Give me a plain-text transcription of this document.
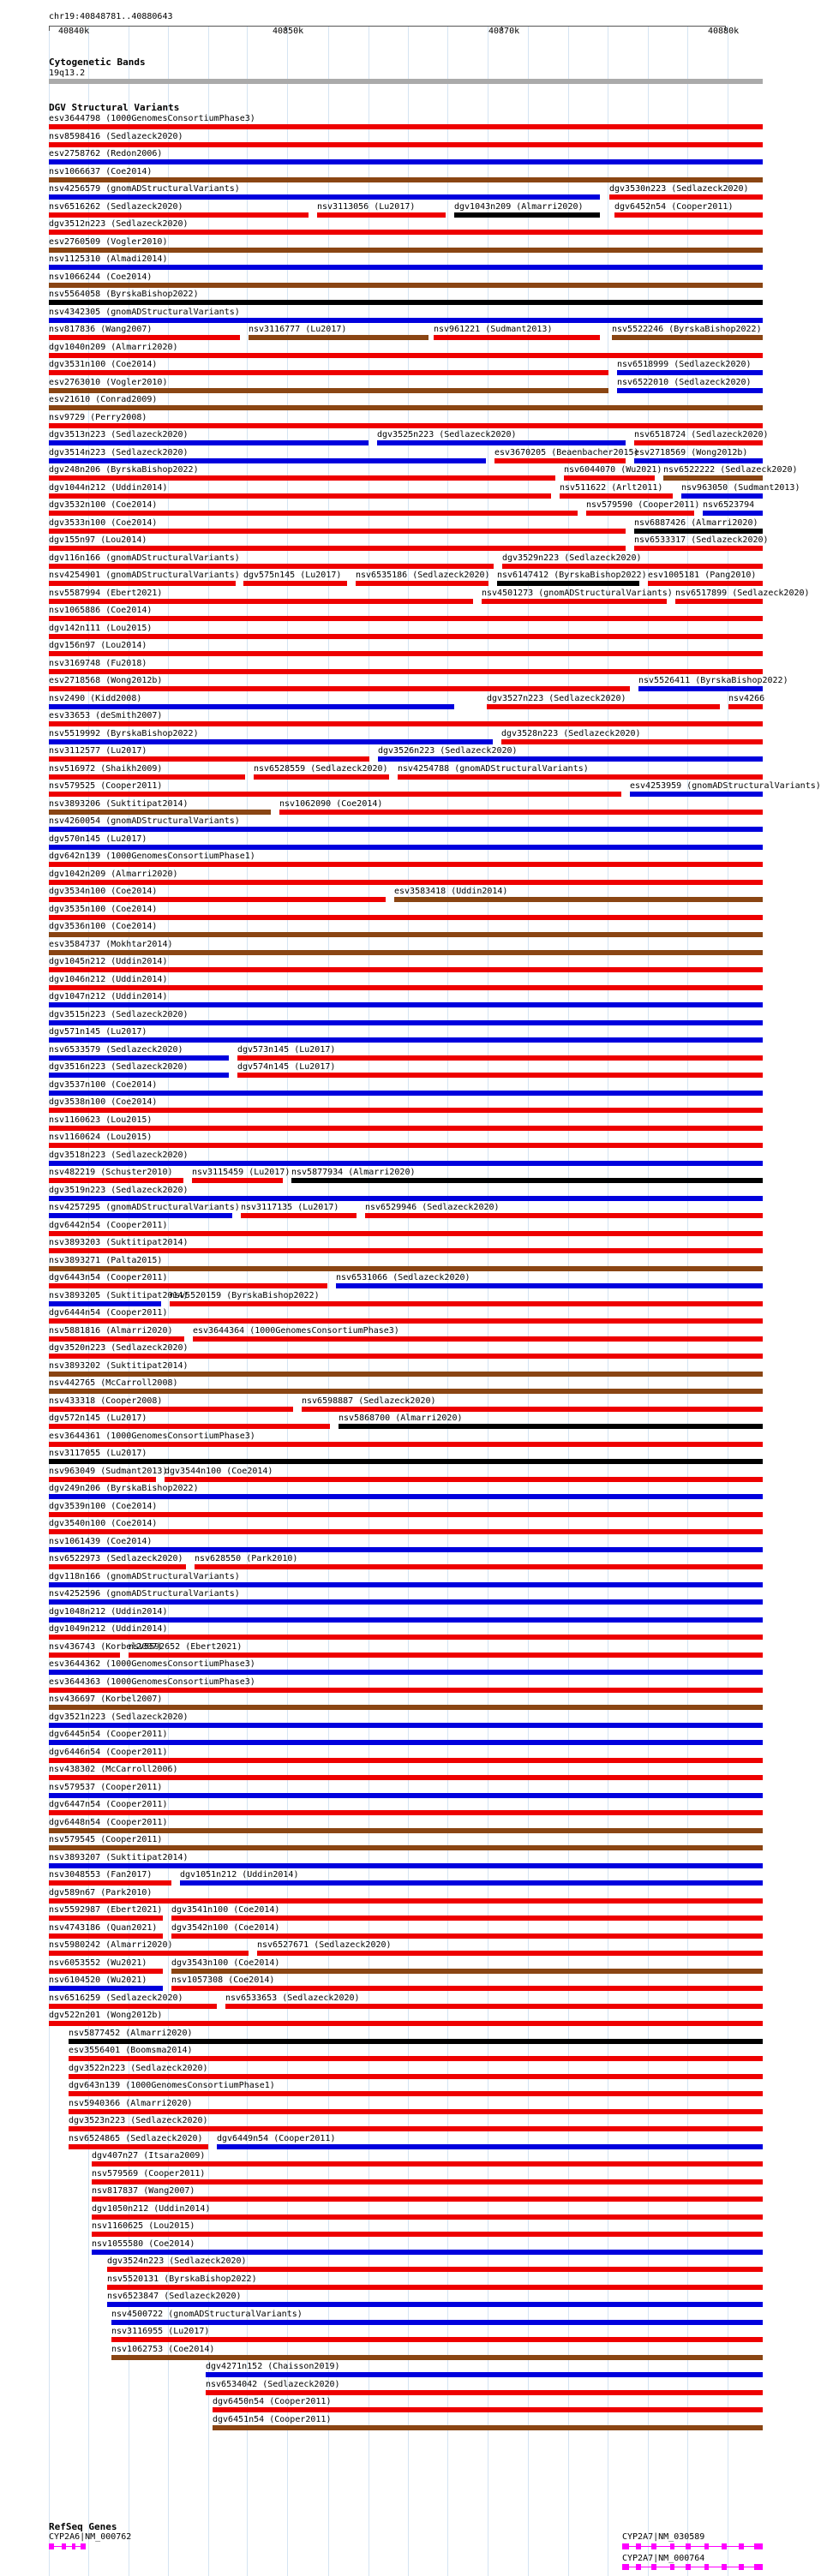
chr19:40848781..40880643
40840k	40850k	40870k	40880k
Cytogenetic Bands
19q13.2
DGV Structural Variants
esv3644798 (1000GenomesConsortiumPhase3)
nsv8598416 (Sedlazeck2020)
esv2758762 (Redon2006)
nsv1066637 (Coe2014)
nsv4256579 (gnomADStructuralVariants)	dgv3530n223 (Sedlazeck2020)
nsv6516262 (Sedlazeck2020)	nsv3113056 (Lu2017)	dgv1043n209 (Almarri2020)	dgv6452n54 (Cooper2011)
dgv3512n223 (Sedlazeck2020)
esv2760509 (Vogler2010)
nsv1125310 (Almadi2014)
nsv1066244 (Coe2014)
nsv5564058 (ByrskaBishop2022)
nsv4342305 (gnomADStructuralVariants)
nsv817836 (Wang2007)	nsv3116777 (Lu2017)	nsv961221 (Sudmant2013)	nsv5522246 (ByrskaBishop2022)
dgv1040n209 (Almarri2020)
dgv3531n100 (Coe2014)	nsv6518999 (Sedlazeck2020)
esv2763010 (Vogler2010)	nsv6522010 (Sedlazeck2020)
esv21610 (Conrad2009)
nsv9729 (Perry2008)
dgv3513n223 (Sedlazeck2020)	dgv3525n223 (Sedlazeck2020)	nsv6518724 (Sedlazeck2020)
dgv3514n223 (Sedlazeck2020)	esv3670205 (Beaenbacher2015)
esv2718569 (Wong2012b)
dgv248n206 (ByrskaBishop2022)	nsv6044070 (Wu2021) nsv6522222 (Sedlazeck2020)
dgv1044n212 (Uddin2014)	nsv511622 (Arlt2011) nsv963050 (Sudmant2013)
dgv3532n100 (Coe2014)	nsv579590 (Cooper2011) nsv6523794
dgv3533n100 (Coe2014)	nsv6887426 (Almarri2020)
dgv155n97 (Lou2014)	nsv6533317 (Sedlazeck2020)
dgv116n166 (gnomADStructuralVariants)	dgv3529n223 (Sedlazeck2020)
nsv4254901 (gnomADStructuralVariants) dgv575n145 (Lu2017) nsv6535186 (Sedlazeck2020) nsv6147412 (ByrskaBishop2022) esv1005181 (Pang2010)
nsv5587994 (Ebert2021)	nsv4501273 (gnomADStructuralVariants) nsv6517899 (Sedlazeck2020)
nsv1065886 (Coe2014)
dgv142n111 (Lou2015)
dgv156n97 (Lou2014)
nsv3169748 (Fu2018)
esv2718568 (Wong2012b)	nsv5526411 (ByrskaBishop2022)
nsv2490 (Kidd2008)	dgv3527n223 (Sedlazeck2020)	nsv4266
esv33653 (deSmith2007)
nsv5519992 (ByrskaBishop2022)	dgv3528n223 (Sedlazeck2020)
nsv3112577 (Lu2017)	dgv3526n223 (Sedlazeck2020)
nsv516972 (Shaikh2009)	nsv6528559 (Sedlazeck2020) nsv4254788 (gnomADStructuralVariants)
nsv579525 (Cooper2011)	esv4253959 (gnomADStructuralVariants)
nsv3893206 (Suktitipat2014)	nsv1062090 (Coe2014)
nsv4260054 (gnomADStructuralVariants)
dgv570n145 (Lu2017)
dgv642n139 (1000GenomesConsortiumPhase1)
dgv1042n209 (Almarri2020)
dgv3534n100 (Coe2014)	esv3583418 (Uddin2014)
dgv3535n100 (Coe2014)
dgv3536n100 (Coe2014)
esv3584737 (Mokhtar2014)
dgv1045n212 (Uddin2014)
dgv1046n212 (Uddin2014)
dgv1047n212 (Uddin2014)
dgv3515n223 (Sedlazeck2020)
dgv571n145 (Lu2017)
nsv6533579 (Sedlazeck2020)	dgv573n145 (Lu2017)
dgv3516n223 (Sedlazeck2020)	dgv574n145 (Lu2017)
dgv3537n100 (Coe2014)
dgv3538n100 (Coe2014)
nsv1160623 (Lou2015)
nsv1160624 (Lou2015)
dgv3518n223 (Sedlazeck2020)
nsv482219 (Schuster2010) nsv3115459 (Lu2017) nsv5877934 (Almarri2020)
dgv3519n223 (Sedlazeck2020)
nsv4257295 (gnomADStructuralVariants) nsv3117135 (Lu2017)	nsv6529946 (Sedlazeck2020)
dgv6442n54 (Cooper2011)
nsv3893203 (Suktitipat2014)
nsv3893271 (Palta2015)
dgv6443n54 (Cooper2011)	nsv6531066 (Sedlazeck2020)
nsv3893205 (Suktitipat2014)
nsv5520159 (ByrskaBishop2022)
dgv6444n54 (Cooper2011)
nsv5881816 (Almarri2020) esv3644364 (1000GenomesConsortiumPhase3)
dgv3520n223 (Sedlazeck2020)
nsv3893202 (Suktitipat2014)
nsv442765 (McCarroll2008)
nsv433318 (Cooper2008)	nsv6598887 (Sedlazeck2020)
dgv572n145 (Lu2017)	nsv5868700 (Almarri2020)
esv3644361 (1000GenomesConsortiumPhase3)
nsv3117055 (Lu2017)
nsv963049 (Sudmant2013)
dgv3544n100 (Coe2014)
dgv249n206 (ByrskaBishop2022)
dgv3539n100 (Coe2014)
dgv3540n100 (Coe2014)
nsv1061439 (Coe2014)
nsv6522973 (Sedlazeck2020) nsv628550 (Park2010)
dgv118n166 (gnomADStructuralVariants)
nsv4252596 (gnomADStructuralVariants)
dgv1048n212 (Uddin2014)
dgv1049n212 (Uddin2014)
nsv436743 (Korbel2007)
nsv5592652 (Ebert2021)
esv3644362 (1000GenomesConsortiumPhase3)
esv3644363 (1000GenomesConsortiumPhase3)
nsv436697 (Korbel2007)
dgv3521n223 (Sedlazeck2020)
dgv6445n54 (Cooper2011)
dgv6446n54 (Cooper2011)
nsv438302 (McCarroll2006)
nsv579537 (Cooper2011)
dgv6447n54 (Cooper2011)
dgv6448n54 (Cooper2011)
nsv579545 (Cooper2011)
nsv3893207 (Suktitipat2014)
nsv3048553 (Fan2017)	dgv1051n212 (Uddin2014)
dgv589n67 (Park2010)
nsv5592987 (Ebert2021) dgv3541n100 (Coe2014)
nsv4743186 (Quan2021) dgv3542n100 (Coe2014)
nsv5980242 (Almarri2020)	nsv6527671 (Sedlazeck2020)
nsv6053552 (Wu2021)	dgv3543n100 (Coe2014)
nsv6104520 (Wu2021)	nsv1057308 (Coe2014)
nsv6516259 (Sedlazeck2020)	nsv6533653 (Sedlazeck2020)
dgv522n201 (Wong2012b)
nsv5877452 (Almarri2020)
esv3556401 (Boomsma2014)
dgv3522n223 (Sedlazeck2020)
dgv643n139 (1000GenomesConsortiumPhase1)
nsv5940366 (Almarri2020)
dgv3523n223 (Sedlazeck2020)
nsv6524865 (Sedlazeck2020) dgv6449n54 (Cooper2011)
dgv407n27 (Itsara2009)
nsv579569 (Cooper2011)
nsv817837 (Wang2007)
dgv1050n212 (Uddin2014)
nsv1160625 (Lou2015)
nsv1055580 (Coe2014)
dgv3524n223 (Sedlazeck2020)
nsv5520131 (ByrskaBishop2022)
nsv6523847 (Sedlazeck2020)
nsv4500722 (gnomADStructuralVariants)
nsv3116955 (Lu2017)
nsv1062753 (Coe2014)
dgv4271n152 (Chaisson2019)
nsv6534042 (Sedlazeck2020)
dgv6450n54 (Cooper2011)
dgv6451n54 (Cooper2011)
RefSeq Genes
CYP2A6|NM_000762	CYP2A7|NM_030589
CYP2A7|NM_000764
